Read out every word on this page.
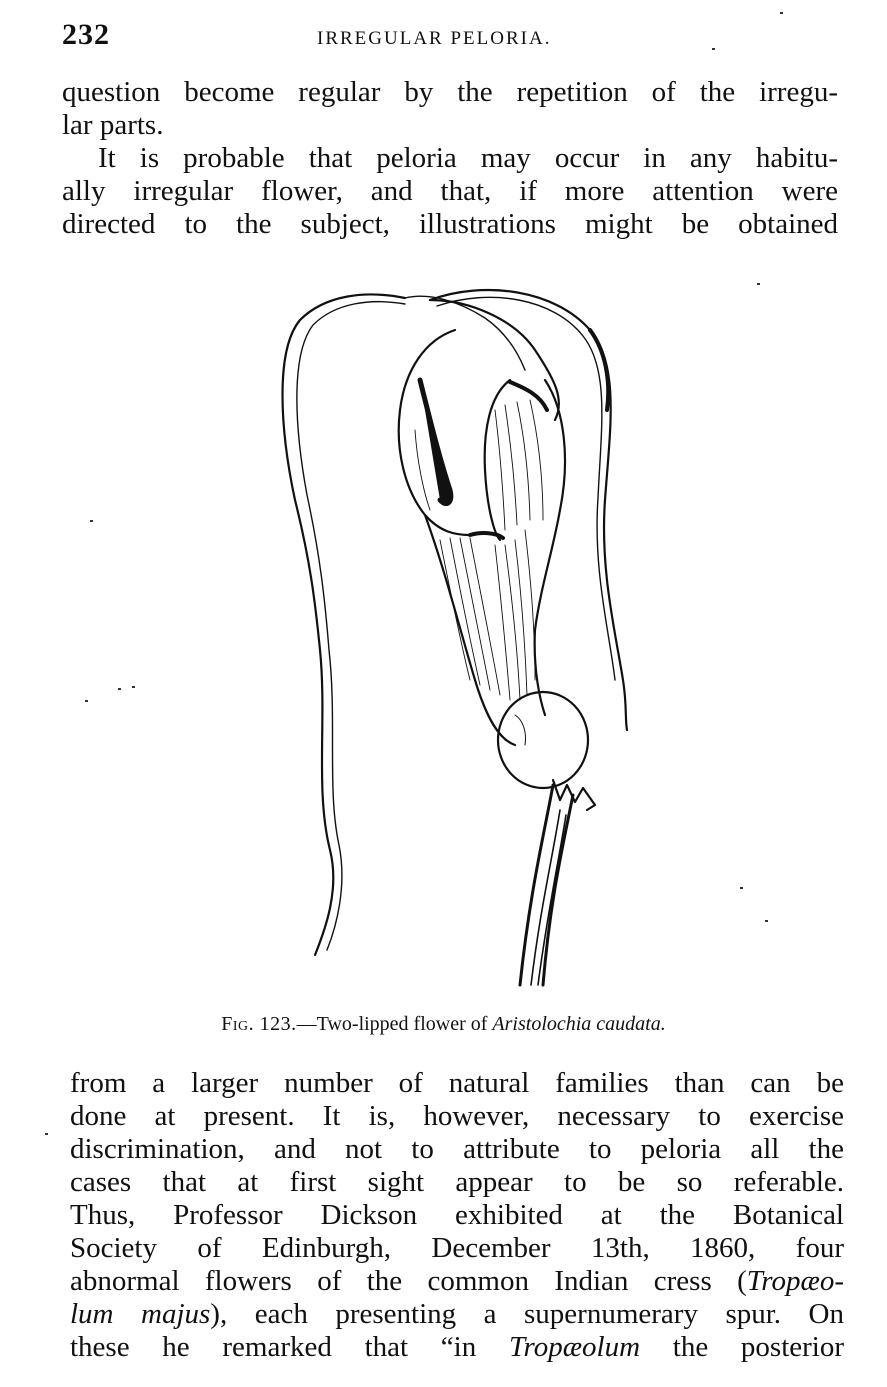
232	IRREGULAR PELORIA.
question become regular by the repetition of the irregu-
lar parts.
It is probable that peloria may occur in any habitu-
ally irregular flower, and that, if more attention were
directed to the subject, illustrations might be obtained
Fig. 123.—Two-lipped flower of Aristolochia caudata.
from a larger number of natural families than can be
done at present. It is, however, necessary to exercise
discrimination, and not to attribute to peloria all the
cases that at first sight appear to be so referable.
Thus, Professor Dickson exhibited at the Botanical
Society of Edinburgh, December 13th, 1860, four
abnormal flowers of the common Indian cress (Tropæo-
lum majus), each presenting a supernumerary spur. On
these he remarked that “in Tropæolum the posterior
